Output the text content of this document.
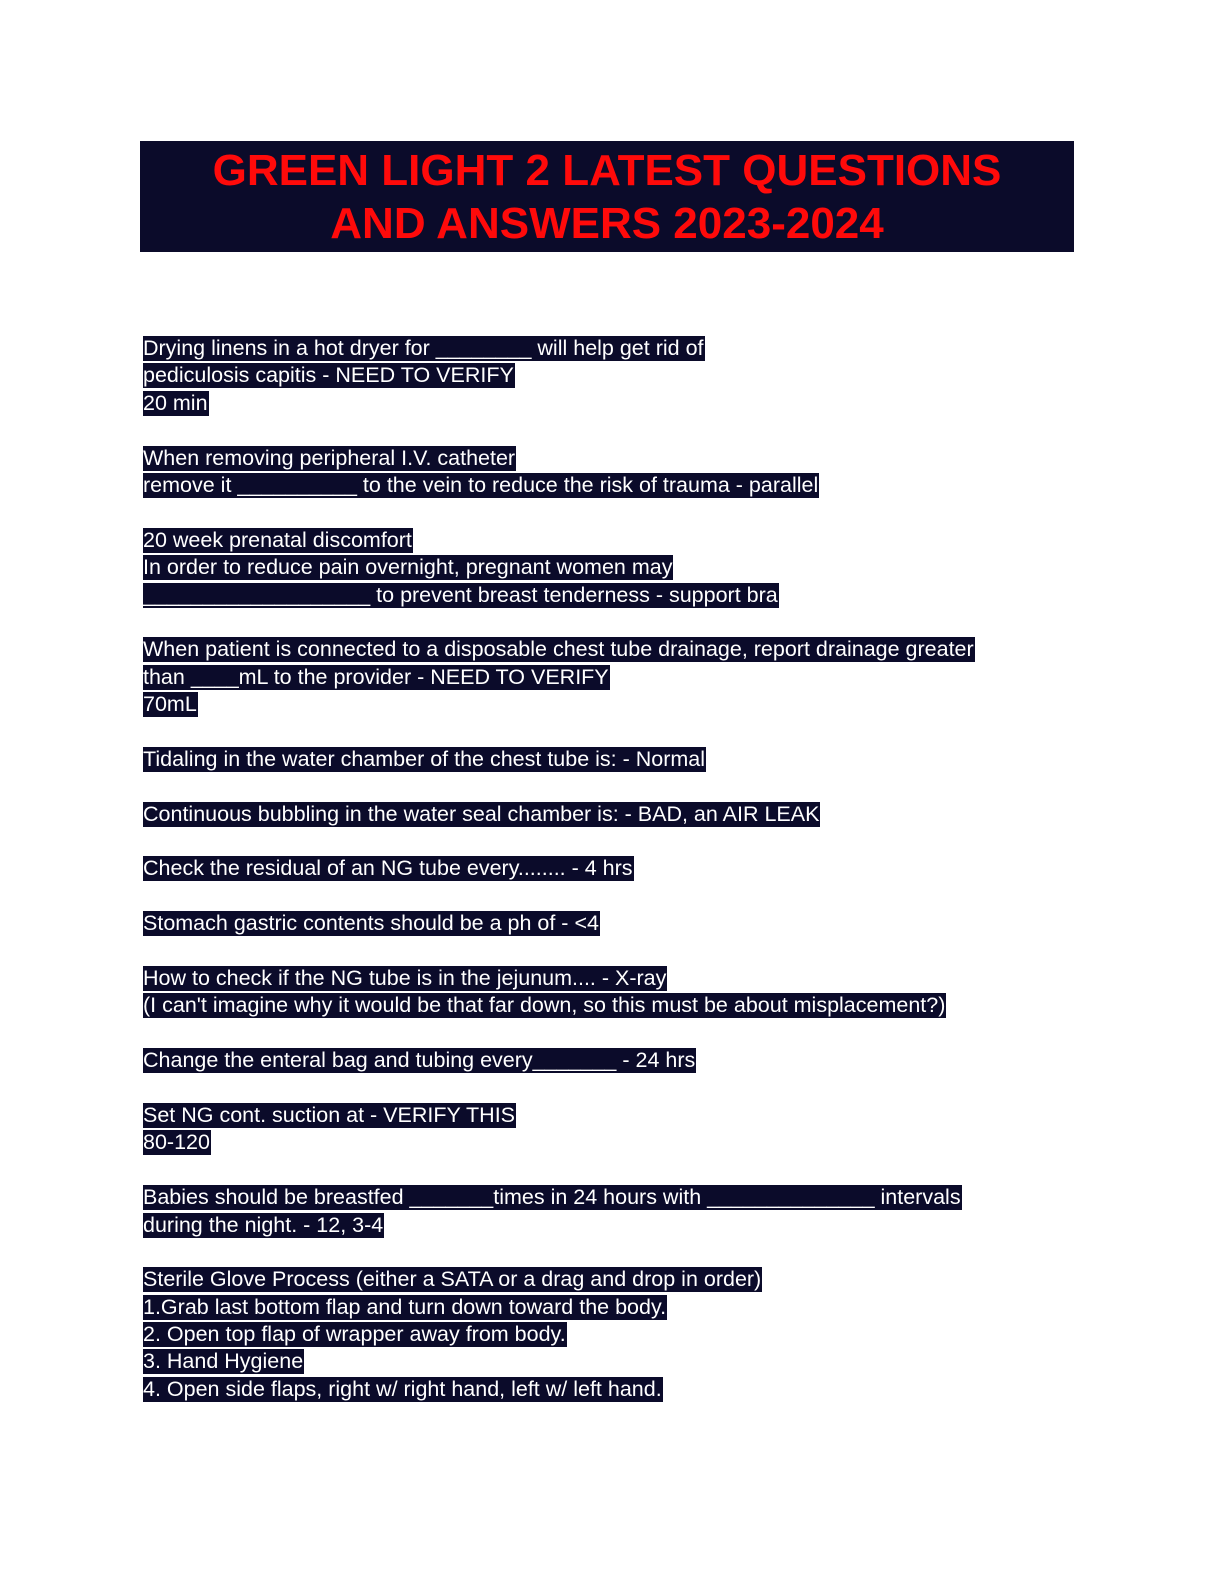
GREEN LIGHT 2 LATEST QUESTIONS
AND ANSWERS 2023-2024
Drying linens in a hot dryer for ________ will help get rid of
pediculosis capitis - NEED TO VERIFY
20 min
When removing peripheral I.V. catheter
remove it __________ to the vein to reduce the risk of trauma - parallel
20 week prenatal discomfort
In order to reduce pain overnight, pregnant women may
___________________ to prevent breast tenderness - support bra
When patient is connected to a disposable chest tube drainage, report drainage greater
than ____mL to the provider - NEED TO VERIFY
70mL
Tidaling in the water chamber of the chest tube is: - Normal
Continuous bubbling in the water seal chamber is: - BAD, an AIR LEAK
Check the residual of an NG tube every........ - 4 hrs
Stomach gastric contents should be a ph of - <4
How to check if the NG tube is in the jejunum.... - X-ray
(I can't imagine why it would be that far down, so this must be about misplacement?)
Change the enteral bag and tubing every_______ - 24 hrs
Set NG cont. suction at - VERIFY THIS
80-120
Babies should be breastfed _______times in 24 hours with ______________ intervals
during the night. - 12, 3-4
Sterile Glove Process (either a SATA or a drag and drop in order)
1.Grab last bottom flap and turn down toward the body.
2. Open top flap of wrapper away from body.
3. Hand Hygiene
4. Open side flaps, right w/ right hand, left w/ left hand.
